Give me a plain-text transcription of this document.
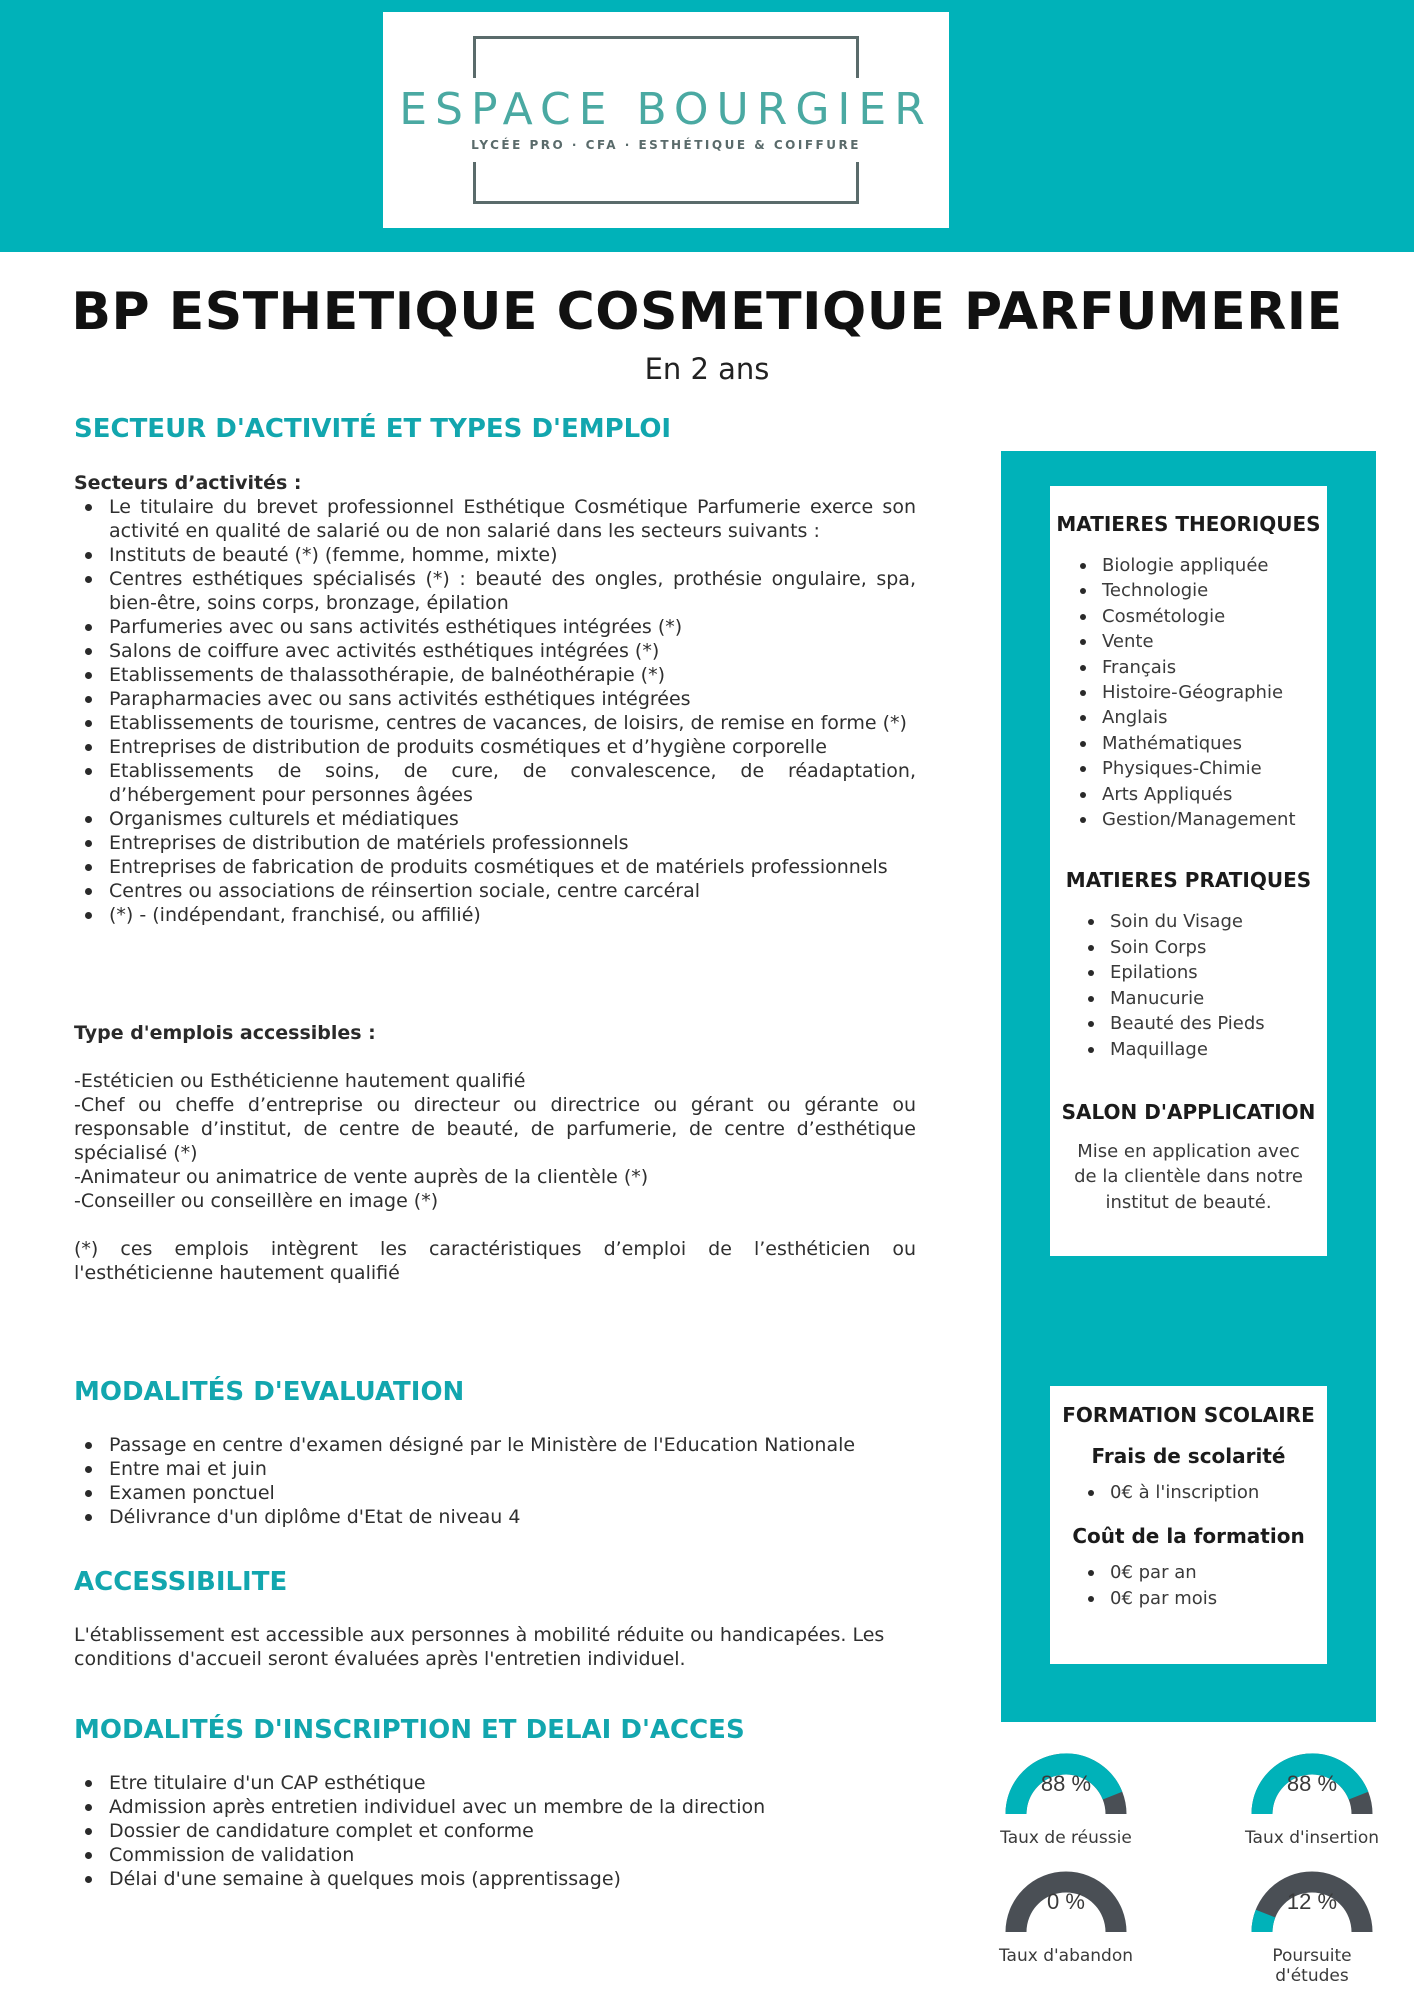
ESPACE BOURGIER
LYCÉE PRO · CFA · ESTHÉTIQUE & COIFFURE
BP ESTHETIQUE COSMETIQUE PARFUMERIE
En 2 ans
SECTEUR D'ACTIVITÉ ET TYPES D'EMPLOI
Secteurs d’activités :
Le titulaire du brevet professionnel Esthétique Cosmétique Parfumerie exerce son activité en qualité de salarié ou de non salarié dans les secteurs suivants :
Instituts de beauté (*) (femme, homme, mixte)
Centres esthétiques spécialisés (*) : beauté des ongles, prothésie ongulaire, spa, bien-être, soins corps, bronzage, épilation
Parfumeries avec ou sans activités esthétiques intégrées (*)
Salons de coiffure avec activités esthétiques intégrées (*)
Etablissements de thalassothérapie, de balnéothérapie (*)
Parapharmacies avec ou sans activités esthétiques intégrées
Etablissements de tourisme, centres de vacances, de loisirs, de remise en forme (*)
Entreprises de distribution de produits cosmétiques et d’hygiène corporelle
Etablissements de soins, de cure, de convalescence, de réadaptation, d’hébergement pour personnes âgées
Organismes culturels et médiatiques
Entreprises de distribution de matériels professionnels
Entreprises de fabrication de produits cosmétiques et de matériels professionnels
Centres ou associations de réinsertion sociale, centre carcéral
(*) - (indépendant, franchisé, ou affilié)
Type d'emplois accessibles :
-Estéticien ou Esthéticienne hautement qualifié
-Chef ou cheffe d’entreprise ou directeur ou directrice ou gérant ou gérante ou responsable d’institut, de centre de beauté, de parfumerie, de centre d’esthétique spécialisé (*)
-Animateur ou animatrice de vente auprès de la clientèle (*)
-Conseiller ou conseillère en image (*)
(*) ces emplois intègrent les caractéristiques d’emploi de l’esthéticien ou l'esthéticienne hautement qualifié
MODALITÉS D'EVALUATION
Passage en centre d'examen désigné par le Ministère de l'Education Nationale
Entre mai et juin
Examen ponctuel
Délivrance d'un diplôme d'Etat de niveau 4
ACCESSIBILITE
L'établissement est accessible aux personnes à mobilité réduite ou handicapées. Les conditions d'accueil seront évaluées après l'entretien individuel.
MODALITÉS D'INSCRIPTION ET DELAI D'ACCES
Etre titulaire d'un CAP esthétique
Admission après entretien individuel avec un membre de la direction
Dossier de candidature complet et conforme
Commission de validation
Délai d'une semaine à quelques mois (apprentissage)
MATIERES THEORIQUES
Biologie appliquée
Technologie
Cosmétologie
Vente
Français
Histoire-Géographie
Anglais
Mathématiques
Physiques-Chimie
Arts Appliqués
Gestion/Management
MATIERES PRATIQUES
Soin du Visage
Soin Corps
Epilations
Manucurie
Beauté des Pieds
Maquillage
SALON D'APPLICATION
Mise en application avec de la clientèle dans notre institut de beauté.
FORMATION SCOLAIRE
Frais de scolarité
0€ à l'inscription
Coût de la formation
0€ par an
0€ par mois
88 %
Taux de réussie
88 %
Taux d'insertion
0 %
Taux d'abandon
12 %
Poursuite d'études
